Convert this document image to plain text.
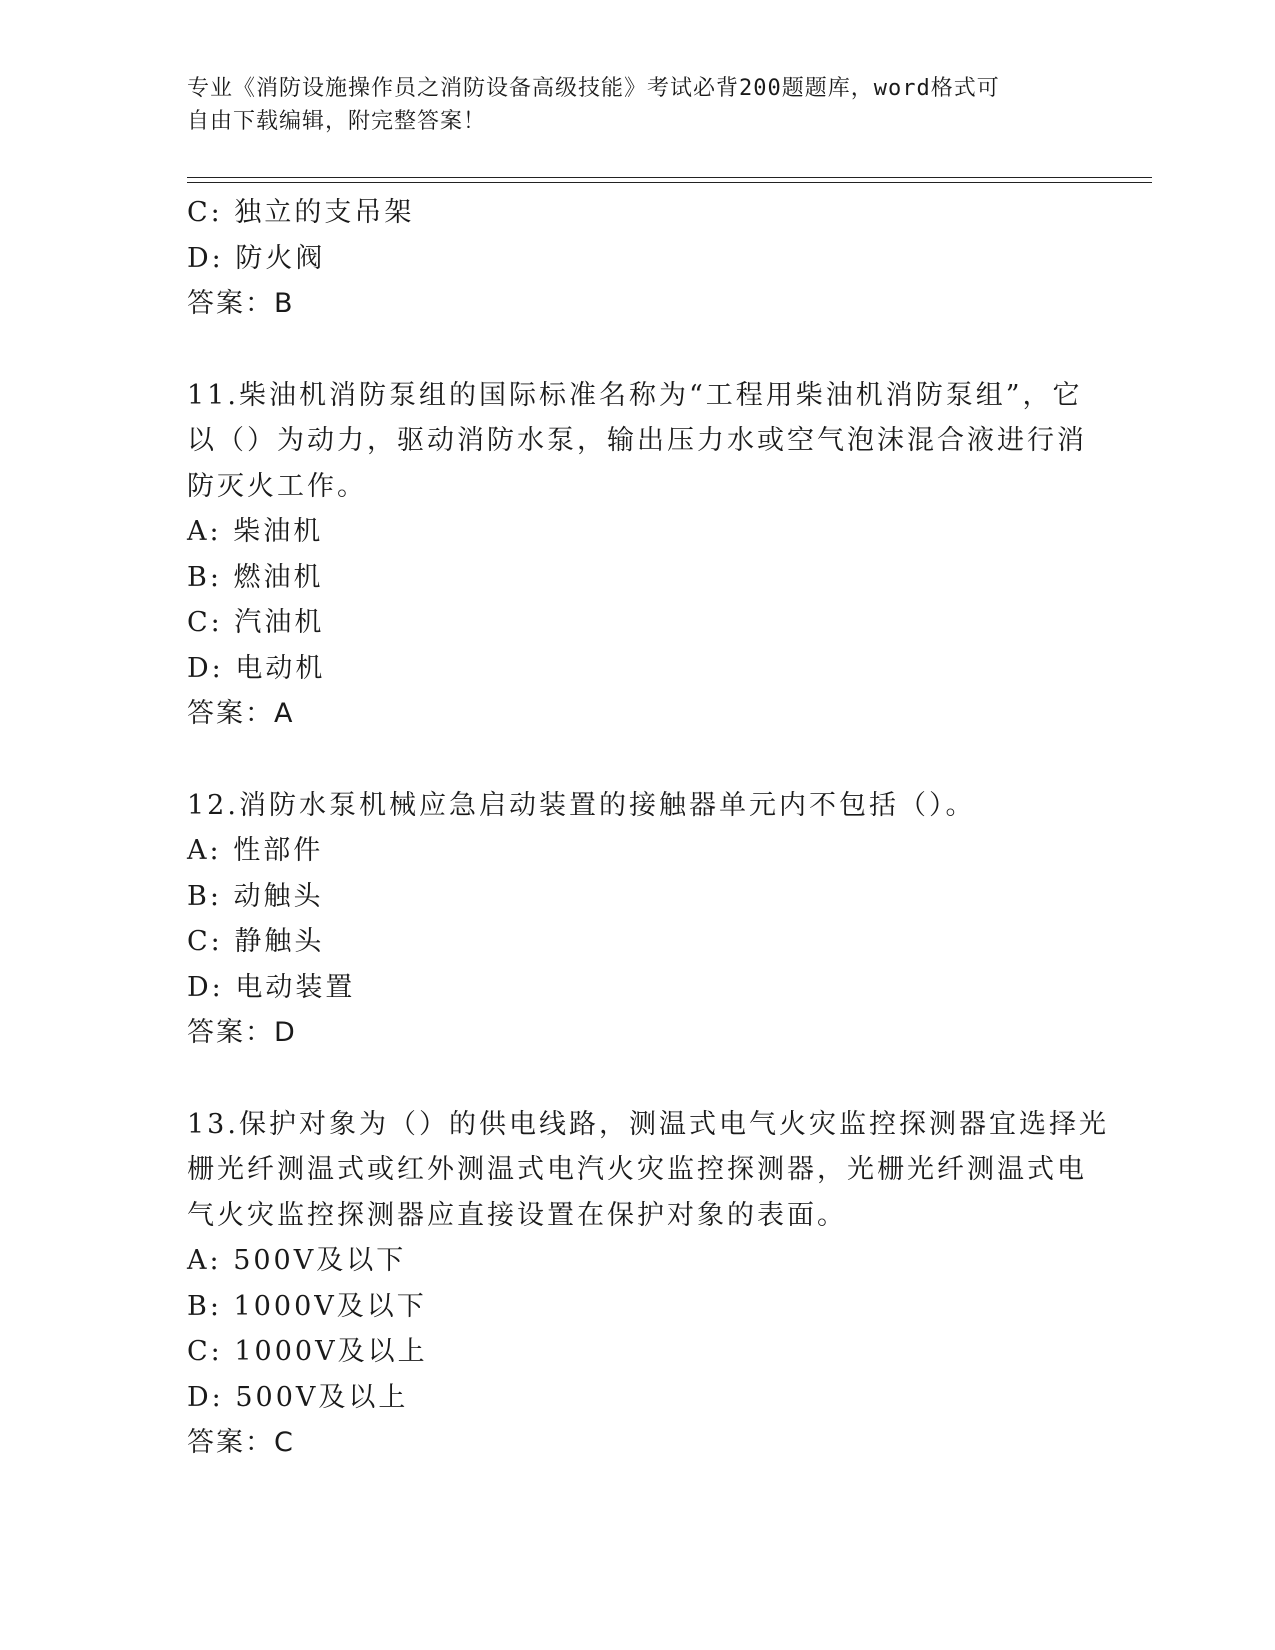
专业《消防设施操作员之消防设备高级技能》考试必背200题题库，word格式可
自由下载编辑，附完整答案！
C: 独立的支吊架
D: 防火阀
答案：B
11.柴油机消防泵组的国际标准名称为“工程用柴油机消防泵组”，它
以（）为动力，驱动消防水泵，输出压力水或空气泡沫混合液进行消
防灭火工作。
A: 柴油机
B: 燃油机
C: 汽油机
D: 电动机
答案：A
12.消防水泵机械应急启动装置的接触器单元内不包括（）。
A: 性部件
B: 动触头
C: 静触头
D: 电动装置
答案：D
13.保护对象为（）的供电线路，测温式电气火灾监控探测器宜选择光
栅光纤测温式或红外测温式电汽火灾监控探测器，光栅光纤测温式电
气火灾监控探测器应直接设置在保护对象的表面。
A: 500V及以下
B: 1000V及以下
C: 1000V及以上
D: 500V及以上
答案：C
